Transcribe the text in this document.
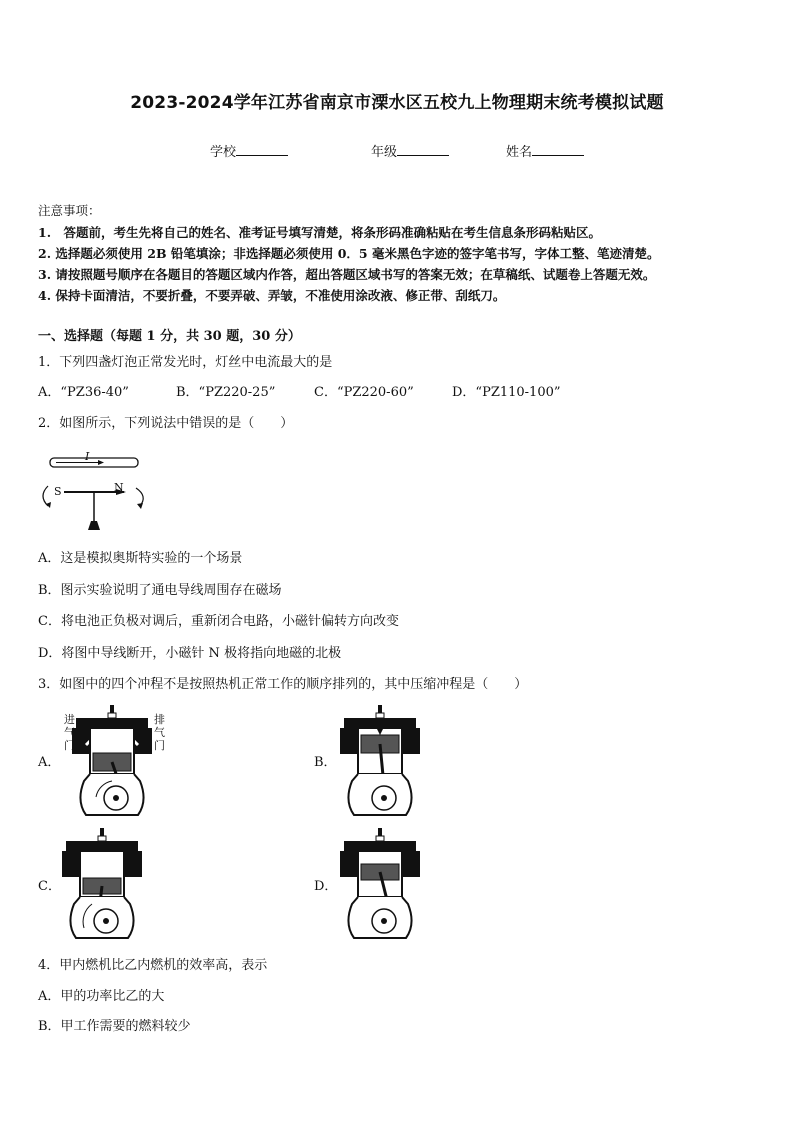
2023-2024学年江苏省南京市溧水区五校九上物理期末统考模拟试题
学校	年级	姓名
注意事项：
1.　答题前，考生先将自己的姓名、准考证号填写清楚，将条形码准确粘贴在考生信息条形码粘贴区。
2. 选择题必须使用 2B 铅笔填涂；非选择题必须使用 0．5 毫米黑色字迹的签字笔书写，字体工整、笔迹清楚。
3. 请按照题号顺序在各题目的答题区域内作答，超出答题区域书写的答案无效；在草稿纸、试题卷上答题无效。
4. 保持卡面清洁，不要折叠，不要弄破、弄皱，不准使用涂改液、修正带、刮纸刀。
一、选择题（每题 1 分，共 30 题，30 分）
1．下列四盏灯泡正常发光时，灯丝中电流最大的是
A．“PZ36-40”	B．“PZ220-25”	C．“PZ220-60”	D．“PZ110-100”
2．如图所示，下列说法中错误的是（　　）
I
S	N
A．这是模拟奥斯特实验的一个场景
B．图示实验说明了通电导线周围存在磁场
C．将电池正负极对调后，重新闭合电路，小磁针偏转方向改变
D．将图中导线断开，小磁针 N 极将指向地磁的北极
3．如图中的四个冲程不是按照热机正常工作的顺序排列的，其中压缩冲程是（　　）
进气门
排气门
A．	B．
C．	D．
4．甲内燃机比乙内燃机的效率高，表示
A．甲的功率比乙的大
B．甲工作需要的燃料较少
